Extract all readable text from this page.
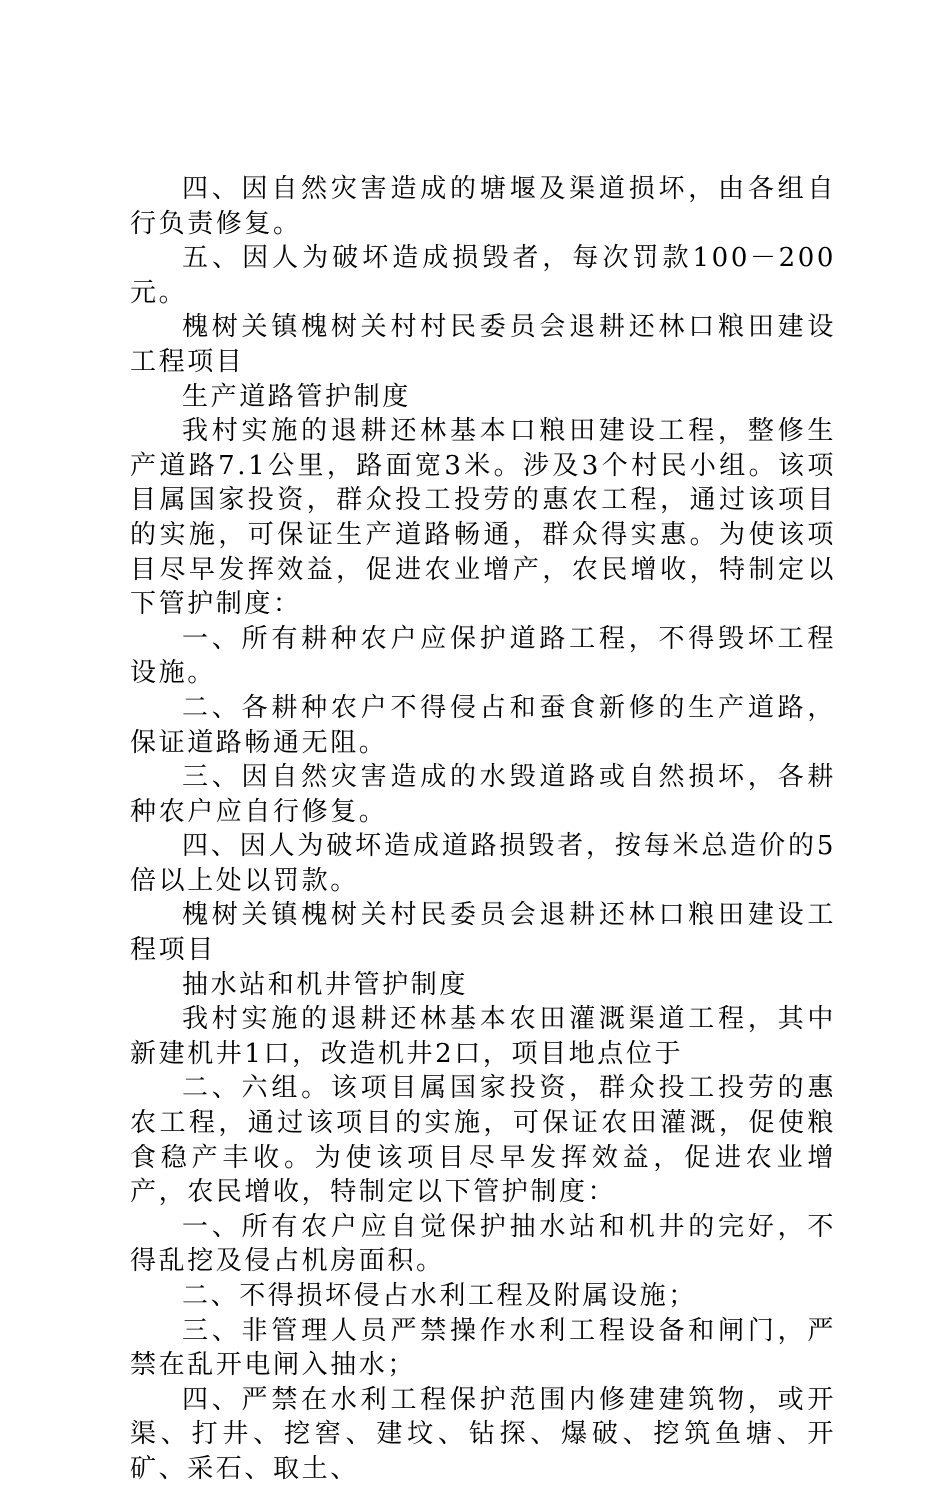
四、因自然灾害造成的塘堰及渠道损坏，由各组自行负责修复。

五、因人为破坏造成损毁者，每次罚款100－200元。

槐树关镇槐树关村村民委员会退耕还林口粮田建设工程项目

生产道路管护制度

我村实施的退耕还林基本口粮田建设工程，整修生产道路7.1公里，路面宽3米。涉及3个村民小组。该项目属国家投资，群众投工投劳的惠农工程，通过该项目的实施，可保证生产道路畅通，群众得实惠。为使该项目尽早发挥效益，促进农业增产，农民增收，特制定以下管护制度：

一、所有耕种农户应保护道路工程，不得毁坏工程设施。

二、各耕种农户不得侵占和蚕食新修的生产道路，保证道路畅通无阻。

三、因自然灾害造成的水毁道路或自然损坏，各耕种农户应自行修复。

四、因人为破坏造成道路损毁者，按每米总造价的5倍以上处以罚款。

槐树关镇槐树关村民委员会退耕还林口粮田建设工程项目

抽水站和机井管护制度

我村实施的退耕还林基本农田灌溉渠道工程，其中新建机井1口，改造机井2口，项目地点位于

二、六组。该项目属国家投资，群众投工投劳的惠农工程，通过该项目的实施，可保证农田灌溉，促使粮食稳产丰收。为使该项目尽早发挥效益，促进农业增产，农民增收，特制定以下管护制度：

一、所有农户应自觉保护抽水站和机井的完好，不得乱挖及侵占机房面积。

二、不得损坏侵占水利工程及附属设施；

三、非管理人员严禁操作水利工程设备和闸门，严禁在乱开电闸入抽水；

四、严禁在水利工程保护范围内修建建筑物，或开渠、打井、挖窖、建坟、钻探、爆破、挖筑鱼塘、开矿、采石、取土、
